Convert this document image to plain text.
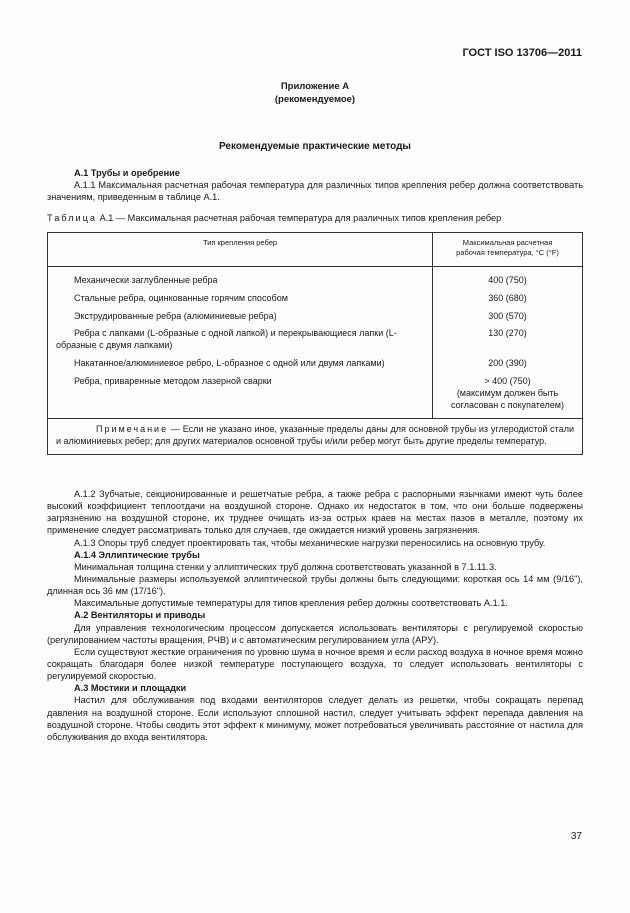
ГОСТ ISO 13706—2011
Приложение А
(рекомендуемое)
Рекомендуемые практические методы

А.1 Трубы и оребрение

А.1.1 Максимальная расчетная рабочая температура для различных типов крепления ребер должна соответствовать значениям, приведенным в таблице А.1.

Таблица А.1 — Максимальная расчетная рабочая температура для различных типов крепления ребер
Тип крепления ребер	Максимальная расчетная
рабочая температура, °С (°F)

Механически заглубленные ребра	400 (750)
Стальные ребра, оцинкованные горячим способом	360 (680)
Экструдированные ребра (алюминиевые ребра)	300 (570)
Ребра с лапками (L-образные с одной лапкой) и перекрывающиеся лапки (L-образные с двумя лапками)	130 (270)
Накатанное/алюминиевое ребро, L-образное с одной или двумя лапками)	200 (390)
Ребра, приваренные методом лазерной сварки	> 400 (750)
(максимум должен быть
согласован с покупателем)

Примечание — Если не указано иное, указанные пределы даны для основной трубы из углеродистой стали и алюминиевых ребер; для других материалов основной трубы и/или ребер могут быть другие пределы температур.	

А.1.2 Зубчатые, секционированные и решетчатые ребра, а также ребра с распорными язычками имеют чуть более высокий коэффициент теплоотдачи на воздушной стороне. Однако их недостаток в том, что они больше подвержены загрязнению на воздушной стороне, их труднее очищать из-за острых краев на местах пазов в металле, поэтому их применение следует рассматривать только для случаев, где ожидается низкий уровень загрязнения.

А.1.3 Опоры труб следует проектировать так, чтобы механические нагрузки переносились на основную трубу.

А.1.4 Эллиптические трубы

Минимальная толщина стенки у эллиптических труб должна соответствовать указанной в 7.1.11.3.

Минимальные размеры используемой эллиптической трубы должны быть следующими: короткая ось 14 мм (9/16"), длинная ось 36 мм (17/16").

Максимальные допустимые температуры для типов крепления ребер должны соответствовать А.1.1.

А.2 Вентиляторы и приводы

Для управления технологическим процессом допускается использовать вентиляторы с регулируемой скоростью (регулированием частоты вращения, РЧВ) и с автоматическим регулированием угла (АРУ).

Если существуют жесткие ограничения по уровню шума в ночное время и если расход воздуха в ночное время можно сокращать благодаря более низкой температуре поступающего воздуха, то следует использовать вентиляторы с регулируемой скоростью.

А.3 Мостики и площадки

Настил для обслуживания под входами вентиляторов следует делать из решетки, чтобы сокращать перепад давления на воздушной стороне. Если используют сплошной настил, следует учитывать эффект перепада давления на воздушной стороне. Чтобы сводить этот эффект к минимуму, может потребоваться увеличивать расстояние от настила для обслуживания до входа вентилятора.

37
